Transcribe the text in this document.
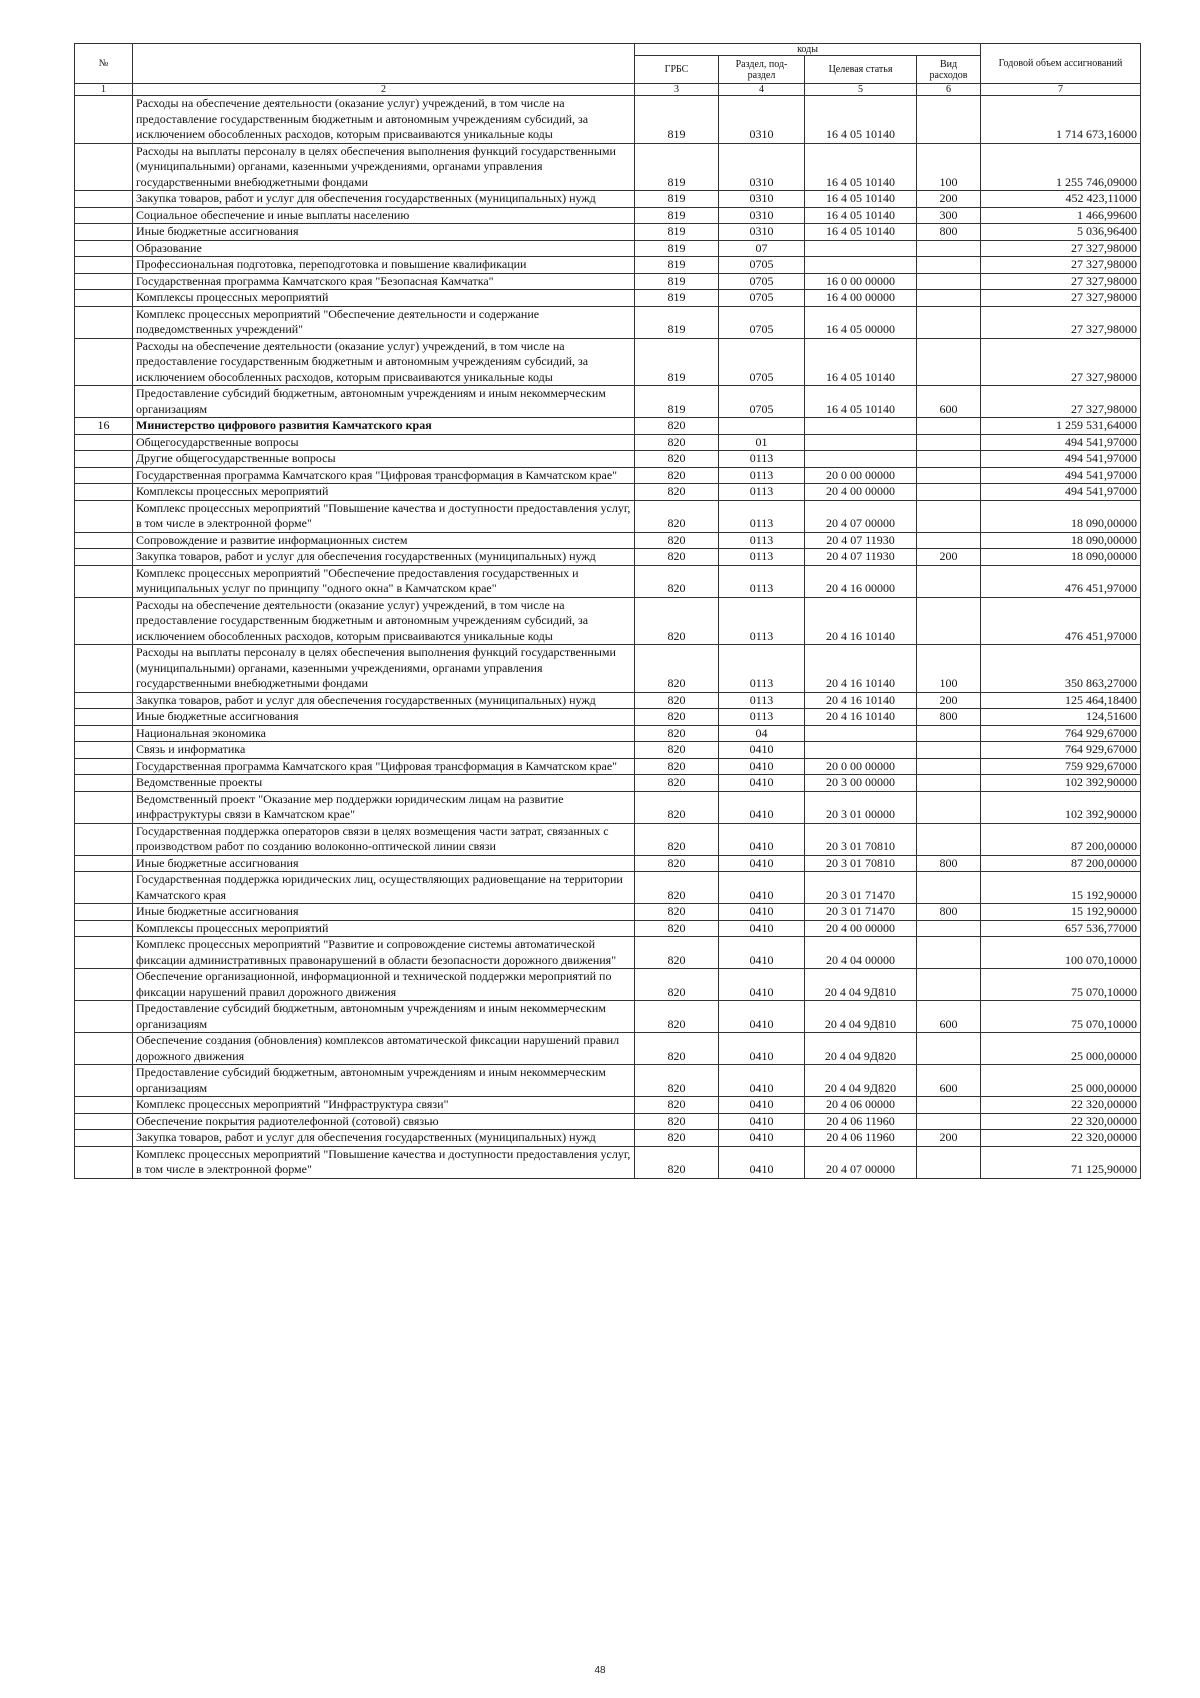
№		коды				Годовой объем ассигнований
		ГРБС	Раздел, под-раздел	Целевая статья	Вид расходов	
1	2	3	4	5	6	7
	Расходы на обеспечение деятельности (оказание услуг) учреждений, в том числе на предоставление государственным бюджетным и автономным учреждениям субсидий, за исключением обособленных расходов, которым присваиваются уникальные коды	819	0310	16 4 05 10140		1 714 673,16000
	Расходы на выплаты персоналу в целях обеспечения выполнения функций государственными (муниципальными) органами, казенными учреждениями, органами управления государственными внебюджетными фондами	819	0310	16 4 05 10140	100	1 255 746,09000
	Закупка товаров, работ и услуг для обеспечения государственных (муниципальных) нужд	819	0310	16 4 05 10140	200	452 423,11000
	Социальное обеспечение и иные выплаты населению	819	0310	16 4 05 10140	300	1 466,99600
	Иные бюджетные ассигнования	819	0310	16 4 05 10140	800	5 036,96400
	Образование	819	07			27 327,98000
	Профессиональная подготовка, переподготовка и повышение квалификации	819	0705			27 327,98000
	Государственная программа Камчатского края "Безопасная Камчатка"	819	0705	16 0 00 00000		27 327,98000
	Комплексы процессных мероприятий	819	0705	16 4 00 00000		27 327,98000
	Комплекс процессных мероприятий "Обеспечение деятельности и содержание подведомственных учреждений"	819	0705	16 4 05 00000		27 327,98000
	Расходы на обеспечение деятельности (оказание услуг) учреждений, в том числе на предоставление государственным бюджетным и автономным учреждениям субсидий, за исключением обособленных расходов, которым присваиваются уникальные коды	819	0705	16 4 05 10140		27 327,98000
	Предоставление субсидий бюджетным, автономным учреждениям и иным некоммерческим организациям	819	0705	16 4 05 10140	600	27 327,98000
16	Министерство цифрового развития Камчатского края	820				1 259 531,64000
	Общегосударственные вопросы	820	01			494 541,97000
	Другие общегосударственные вопросы	820	0113			494 541,97000
	Государственная программа Камчатского края "Цифровая трансформация в Камчатском крае"	820	0113	20 0 00 00000		494 541,97000
	Комплексы процессных мероприятий	820	0113	20 4 00 00000		494 541,97000
	Комплекс процессных мероприятий "Повышение качества и доступности предоставления услуг, в том числе в электронной форме"	820	0113	20 4 07 00000		18 090,00000
	Сопровождение и развитие информационных систем	820	0113	20 4 07 11930		18 090,00000
	Закупка товаров, работ и услуг для обеспечения государственных (муниципальных) нужд	820	0113	20 4 07 11930	200	18 090,00000
	Комплекс процессных мероприятий "Обеспечение предоставления государственных и муниципальных услуг по принципу "одного окна" в Камчатском крае"	820	0113	20 4 16 00000		476 451,97000
	Расходы на обеспечение деятельности (оказание услуг) учреждений, в том числе на предоставление государственным бюджетным и автономным учреждениям субсидий, за исключением обособленных расходов, которым присваиваются уникальные коды	820	0113	20 4 16 10140		476 451,97000
	Расходы на выплаты персоналу в целях обеспечения выполнения функций государственными (муниципальными) органами, казенными учреждениями, органами управления государственными внебюджетными фондами	820	0113	20 4 16 10140	100	350 863,27000
	Закупка товаров, работ и услуг для обеспечения государственных (муниципальных) нужд	820	0113	20 4 16 10140	200	125 464,18400
	Иные бюджетные ассигнования	820	0113	20 4 16 10140	800	124,51600
	Национальная экономика	820	04			764 929,67000
	Связь и информатика	820	0410			764 929,67000
	Государственная программа Камчатского края "Цифровая трансформация в Камчатском крае"	820	0410	20 0 00 00000		759 929,67000
	Ведомственные проекты	820	0410	20 3 00 00000		102 392,90000
	Ведомственный проект "Оказание мер поддержки юридическим лицам на развитие инфраструктуры связи в Камчатском крае"	820	0410	20 3 01 00000		102 392,90000
	Государственная поддержка операторов связи в целях возмещения части затрат, связанных с производством работ по созданию волоконно-оптической линии связи	820	0410	20 3 01 70810		87 200,00000
	Иные бюджетные ассигнования	820	0410	20 3 01 70810	800	87 200,00000
	Государственная поддержка юридических лиц, осуществляющих радиовещание на территории Камчатского края	820	0410	20 3 01 71470		15 192,90000
	Иные бюджетные ассигнования	820	0410	20 3 01 71470	800	15 192,90000
	Комплексы процессных мероприятий	820	0410	20 4 00 00000		657 536,77000
	Комплекс процессных мероприятий "Развитие и сопровождение системы автоматической фиксации административных правонарушений в области безопасности дорожного движения"	820	0410	20 4 04 00000		100 070,10000
	Обеспечение организационной, информационной и технической поддержки мероприятий по фиксации нарушений правил дорожного движения	820	0410	20 4 04 9Д810		75 070,10000
	Предоставление субсидий бюджетным, автономным учреждениям и иным некоммерческим организациям	820	0410	20 4 04 9Д810	600	75 070,10000
	Обеспечение создания (обновления) комплексов автоматической фиксации нарушений правил дорожного движения	820	0410	20 4 04 9Д820		25 000,00000
	Предоставление субсидий бюджетным, автономным учреждениям и иным некоммерческим организациям	820	0410	20 4 04 9Д820	600	25 000,00000
	Комплекс процессных мероприятий "Инфраструктура связи"	820	0410	20 4 06 00000		22 320,00000
	Обеспечение покрытия радиотелефонной (сотовой) связью	820	0410	20 4 06 11960		22 320,00000
	Закупка товаров, работ и услуг для обеспечения государственных (муниципальных) нужд	820	0410	20 4 06 11960	200	22 320,00000
	Комплекс процессных мероприятий "Повышение качества и доступности предоставления услуг, в том числе в электронной форме"	820	0410	20 4 07 00000		71 125,90000
48
